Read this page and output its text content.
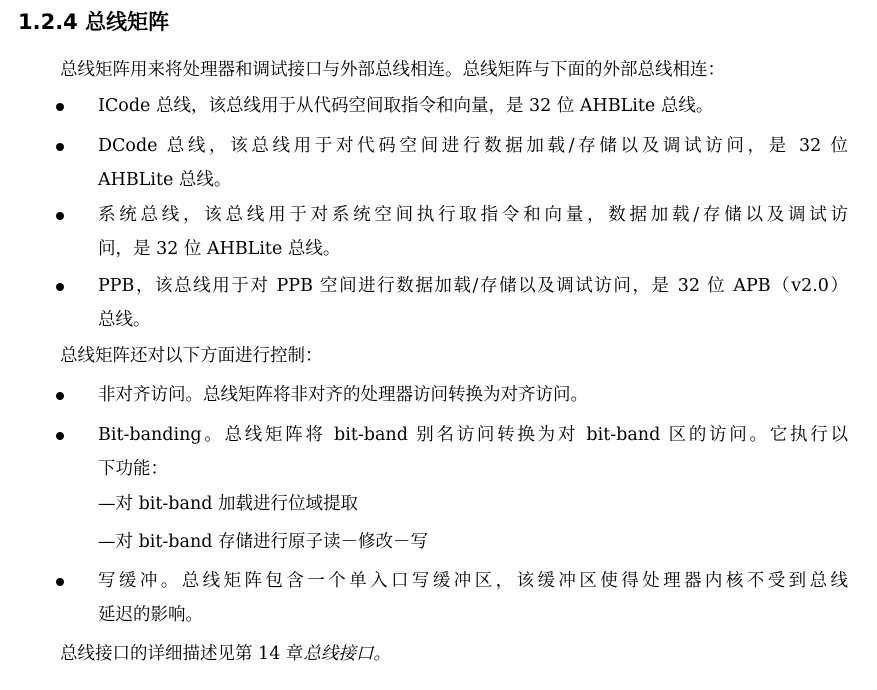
1.2.4 总线矩阵

总线矩阵用来将处理器和调试接口与外部总线相连。总线矩阵与下面的外部总线相连：

ICode 总线，该总线用于从代码空间取指令和向量，是 32 位 AHBLite 总线。
DCode 总线，该总线用于对代码空间进行数据加载/存储以及调试访问，是 32 位
AHBLite 总线。
系统总线，该总线用于对系统空间执行取指令和向量，数据加载/存储以及调试访
问，是 32 位 AHBLite 总线。
PPB，该总线用于对 PPB 空间进行数据加载/存储以及调试访问，是 32 位 APB（v2.0）
总线。

总线矩阵还对以下方面进行控制：

非对齐访问。总线矩阵将非对齐的处理器访问转换为对齐访问。
Bit-banding。总线矩阵将 bit-band 别名访问转换为对 bit-band 区的访问。它执行以
下功能：

—对 bit-band 加载进行位域提取

—对 bit-band 存储进行原子读－修改－写

写缓冲。总线矩阵包含一个单入口写缓冲区，该缓冲区使得处理器内核不受到总线
延迟的影响。

总线接口的详细描述见第 14 章总线接口。
